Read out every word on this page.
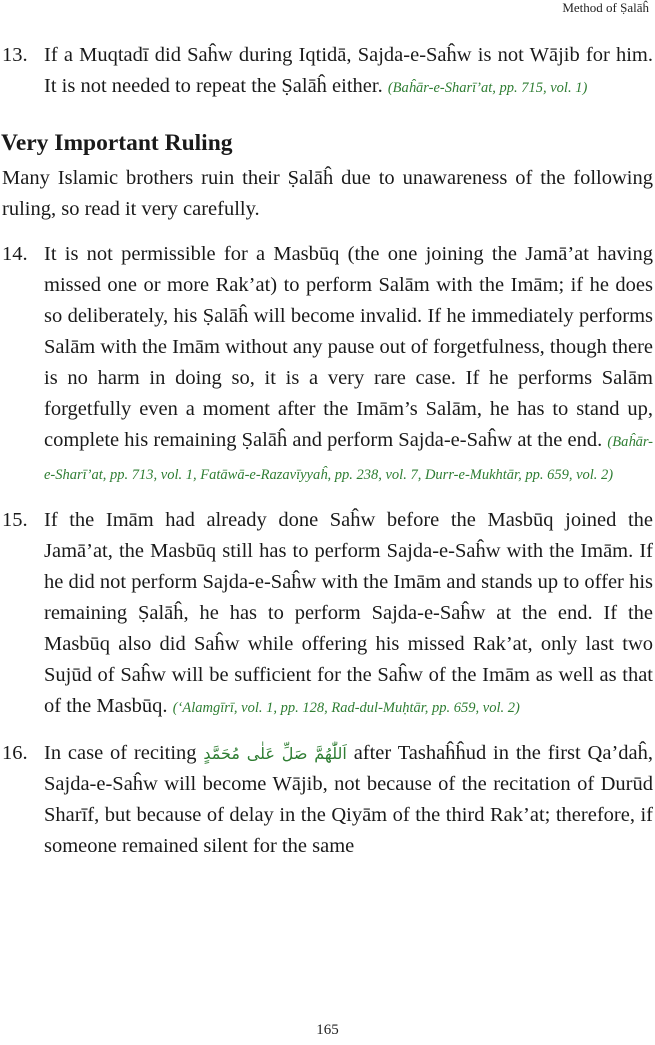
Method of Ṣalāĥ
13. If a Muqtadī did Saĥw during Iqtidā, Sajda-e-Saĥw is not Wājib for him. It is not needed to repeat the Ṣalāĥ either. (Baĥār-e-Sharī’at, pp. 715, vol. 1)
Very Important Ruling
Many Islamic brothers ruin their Ṣalāĥ due to unawareness of the following ruling, so read it very carefully.
14. It is not permissible for a Masbūq (the one joining the Jamā’at having missed one or more Rak’at) to perform Salām with the Imām; if he does so deliberately, his Ṣalāĥ will become invalid. If he immediately performs Salām with the Imām without any pause out of forgetfulness, though there is no harm in doing so, it is a very rare case. If he performs Salām forgetfully even a moment after the Imām’s Salām, he has to stand up, complete his remaining Ṣalāĥ and perform Sajda-e-Saĥw at the end. (Baĥār-e-Sharī’at, pp. 713, vol. 1, Fatāwā-e-Razavīyyaĥ, pp. 238, vol. 7, Durr-e-Mukhtār, pp. 659, vol. 2)
15. If the Imām had already done Saĥw before the Masbūq joined the Jamā’at, the Masbūq still has to perform Sajda-e-Saĥw with the Imām. If he did not perform Sajda-e-Saĥw with the Imām and stands up to offer his remaining Ṣalāĥ, he has to perform Sajda-e-Saĥw at the end. If the Masbūq also did Saĥw while offering his missed Rak’at, only last two Sujūd of Saĥw will be sufficient for the Saĥw of the Imām as well as that of the Masbūq. (‘Alamgīrī, vol. 1, pp. 128, Rad-dul-Muḥtār, pp. 659, vol. 2)
16. In case of reciting اَللّٰهُمَّ صَلِّ عَلٰى مُحَمَّدٍ after Tashaĥĥud in the first Qa’daĥ, Sajda-e-Saĥw will become Wājib, not because of the recitation of Durūd Sharīf, but because of delay in the Qiyām of the third Rak’at; therefore, if someone remained silent for the same
165
